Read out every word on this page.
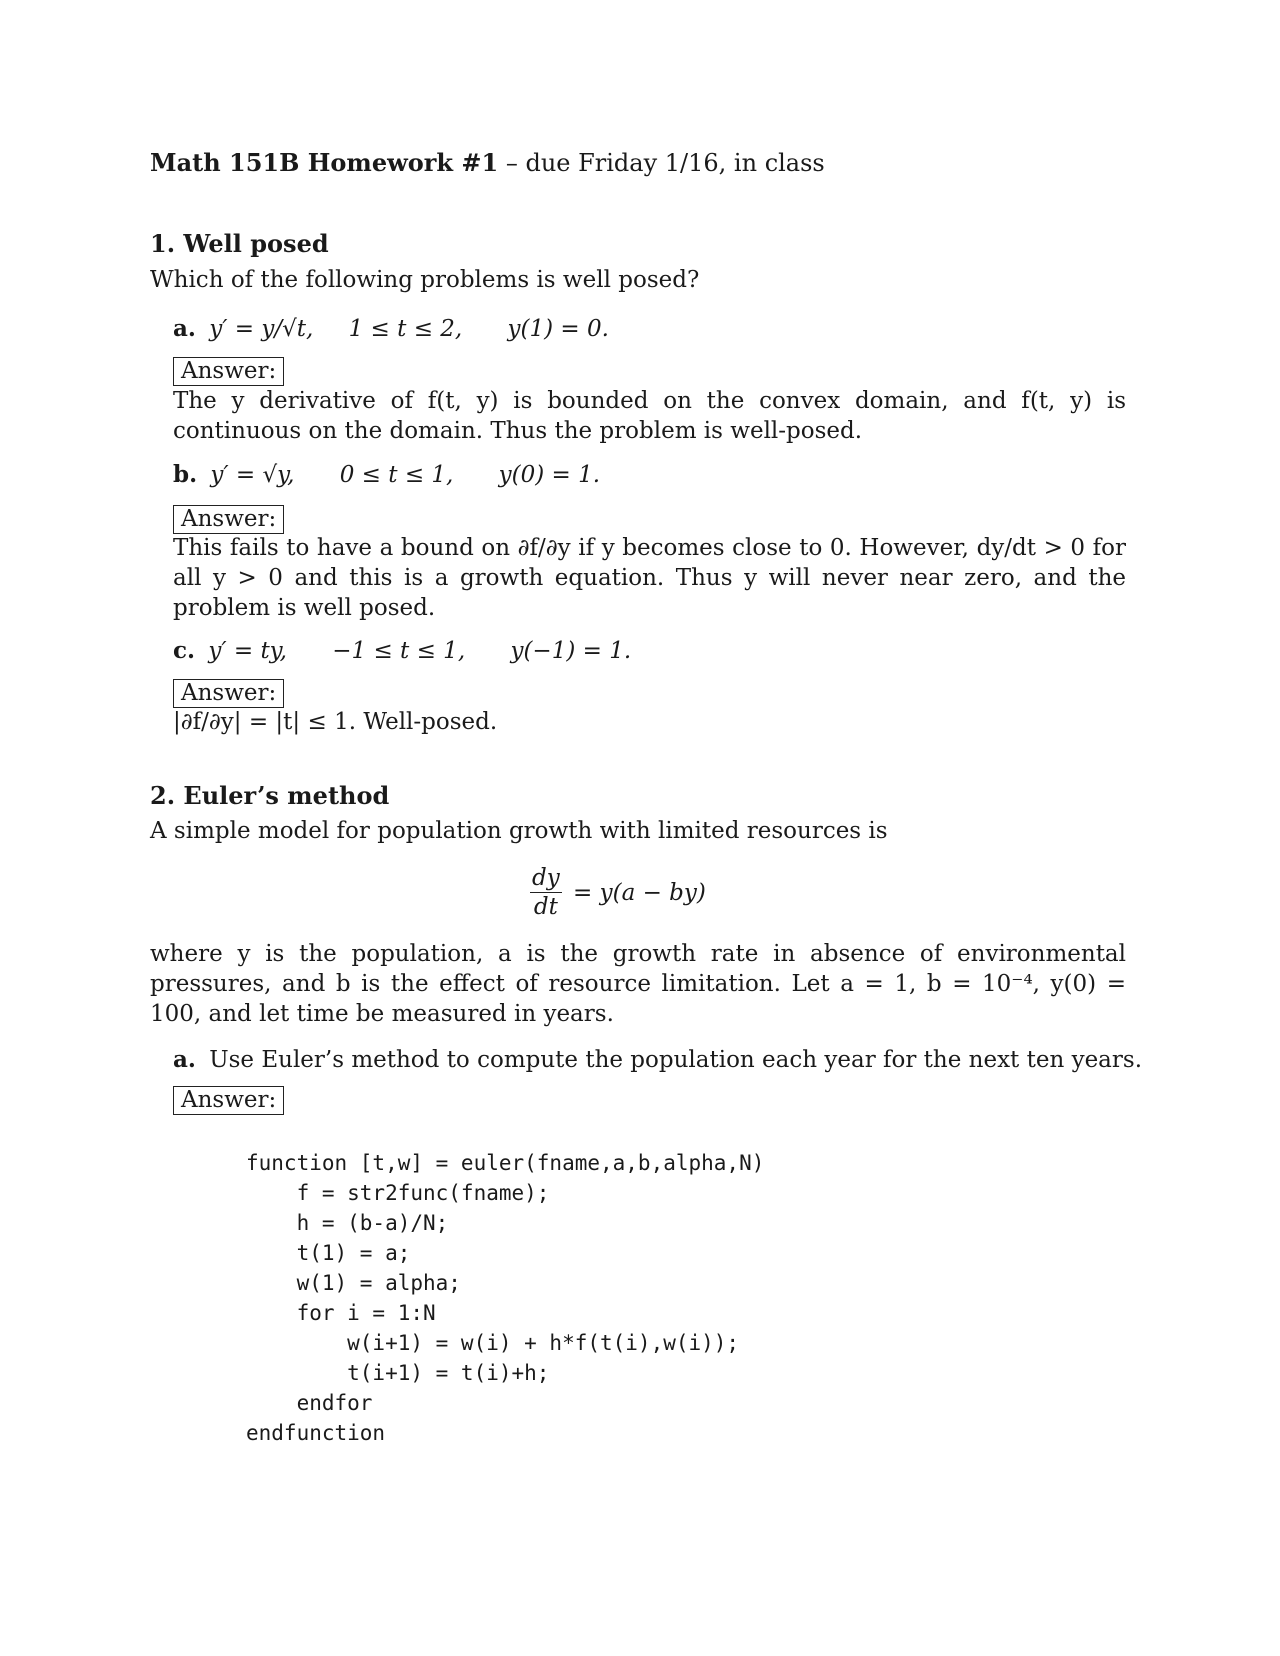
Math 151B Homework #1 – due Friday 1/16, in class
1. Well posed
Which of the following problems is well posed?
a. y′ = y/√t, 1 ≤ t ≤ 2, y(1) = 0.
Answer:
The y derivative of f(t, y) is bounded on the convex domain, and f(t, y) is continuous on the domain. Thus the problem is well-posed.
b. y′ = √y, 0 ≤ t ≤ 1, y(0) = 1.
Answer:
This fails to have a bound on ∂f/∂y if y becomes close to 0. However, dy/dt > 0 for all y > 0 and this is a growth equation. Thus y will never near zero, and the problem is well posed.
c. y′ = ty, −1 ≤ t ≤ 1, y(−1) = 1.
Answer:
|∂f/∂y| = |t| ≤ 1. Well-posed.
2. Euler’s method
A simple model for population growth with limited resources is
$\frac{dy}{dt} = y(a - by)$
where y is the population, a is the growth rate in absence of environmental pressures, and b is the effect of resource limitation. Let a = 1, b = 10⁻⁴, y(0) = 100, and let time be measured in years.
a. Use Euler’s method to compute the population each year for the next ten years.
Answer:
function [t,w] = euler(fname,a,b,alpha,N)
f = str2func(fname);
h = (b-a)/N;
t(1) = a;
w(1) = alpha;
for i = 1:N
w(i+1) = w(i) + h*f(t(i),w(i));
t(i+1) = t(i)+h;
endfor
endfunction
